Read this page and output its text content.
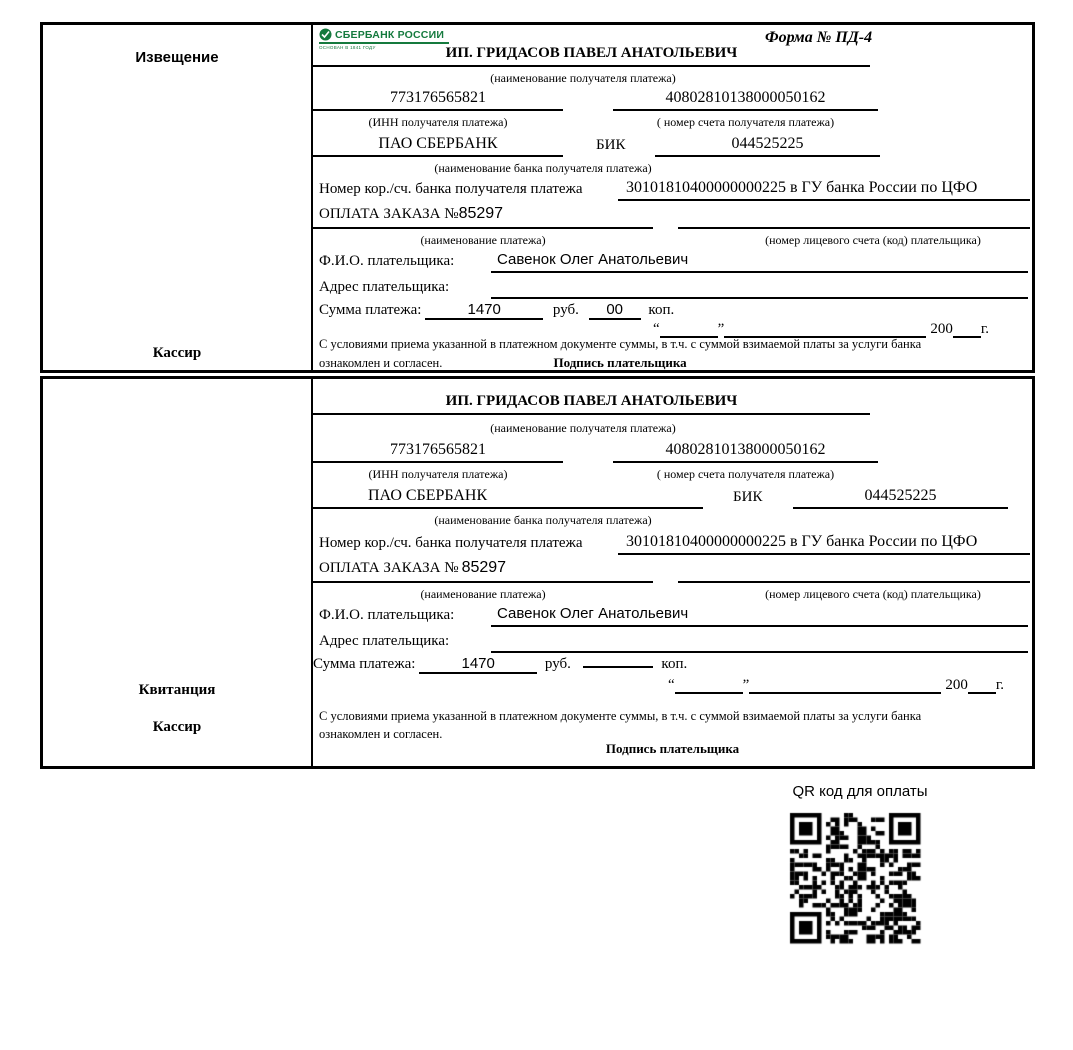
Извещение
Кассир
СБЕРБАНК РОССИИ
ОСНОВАН В 1841 ГОДУ
Форма № ПД-4
ИП. ГРИДАСОВ ПАВЕЛ АНАТОЛЬЕВИЧ
(наименование получателя платежа)
773176565821	40802810138000050162
(ИНН получателя платежа)	( номер счета получателя платежа)
ПАО СБЕРБАНК	БИК	044525225
(наименование банка получателя платежа)
Номер кор./сч. банка получателя платежа	30101810400000000225 в ГУ банка России по ЦФО
ОПЛАТА ЗАКАЗА №85297
(наименование платежа)	(номер лицевого счета (код) плательщика)
Ф.И.О. плательщика:	Савенок Олег Анатольевич
Адрес плательщика:
Сумма платежа:	1470	руб. 00 коп.
“	”	200 г.
С условиями приема указанной в платежном документе суммы, в т.ч. с суммой взимаемой платы за услуги банка
ознакомлен и согласен.	Подпись плательщика
Квитанция
Кассир
ИП. ГРИДАСОВ ПАВЕЛ АНАТОЛЬЕВИЧ
(наименование получателя платежа)
773176565821	40802810138000050162
(ИНН получателя платежа)	( номер счета получателя платежа)
ПАО СБЕРБАНК	БИК	044525225
(наименование банка получателя платежа)
Номер кор./сч. банка получателя платежа	30101810400000000225 в ГУ банка России по ЦФО
ОПЛАТА ЗАКАЗА № 85297
(наименование платежа)	(номер лицевого счета (код) плательщика)
Ф.И.О. плательщика:	Савенок Олег Анатольевич
Адрес плательщика:
Сумма платежа:	1470	руб.	коп.
“	”	200 г.
С условиями приема указанной в платежном документе суммы, в т.ч. с суммой взимаемой платы за услуги банка
ознакомлен и согласен.
Подпись плательщика
QR код для оплаты
